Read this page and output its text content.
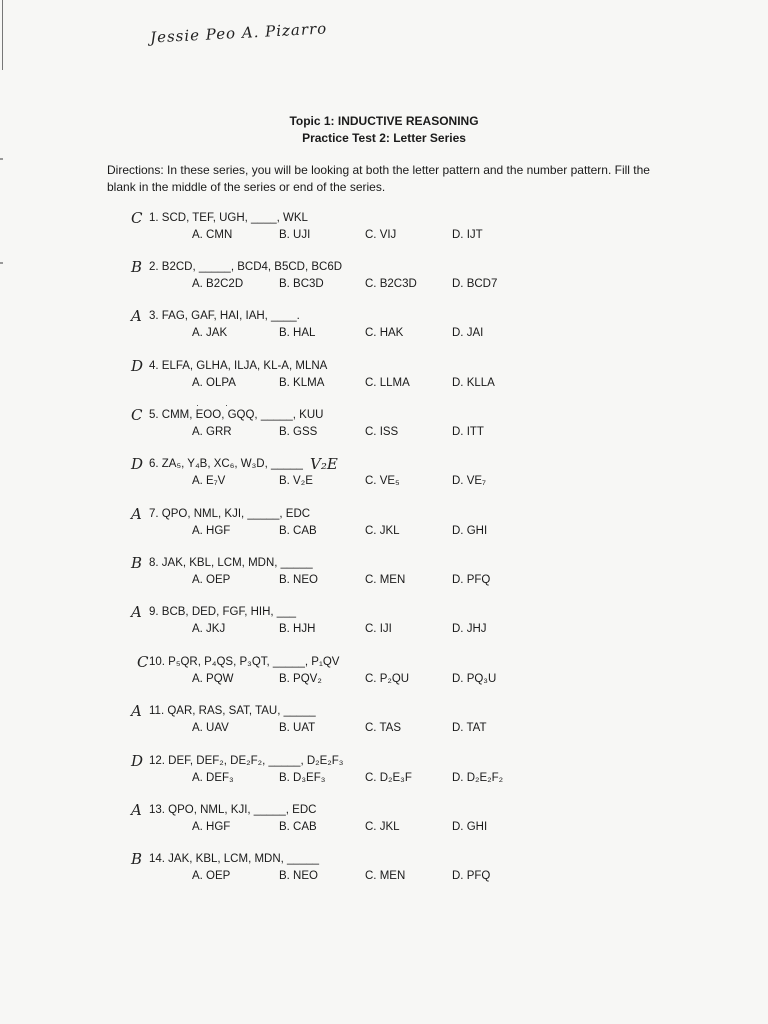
Jessie Peo A. Pizarro
Topic 1: INDUCTIVE REASONING
Practice Test 2: Letter Series
Directions: In these series, you will be looking at both the letter pattern and the number pattern. Fill the blank in the middle of the series or end of the series.
C 1. SCD, TEF, UGH, ____, WKL
A. CMN	B. UJI	C. VIJ	D. IJT
B 2. B2CD, _____, BCD4, B5CD, BC6D
A. B2C2D	B. BC3D	C. B2C3D	D. BCD7
A 3. FAG, GAF, HAI, IAH, ____.
A. JAK	B. HAL	C. HAK	D. JAI
D 4. ELFA, GLHA, ILJA, KL-A, MLNA
A. OLPA	B. KLMA	C. LLMA	D. KLLA
··
C 5. CMM, EOO, GQQ, _____, KUU
A. GRR	B. GSS	C. ISS	D. ITT
D 6. ZA₅, Y₄B, XC₆, W₃D, _____ V₂E
A. E₇V	B. V₂E	C. VE₅	D. VE₇
A 7. QPO, NML, KJI, _____, EDC
A. HGF	B. CAB	C. JKL	D. GHI
B 8. JAK, KBL, LCM, MDN, _____
A. OEP	B. NEO	C. MEN	D. PFQ
A 9. BCB, DED, FGF, HIH, ___
A. JKJ	B. HJH	C. IJI	D. JHJ
C 10. P₅QR, P₄QS, P₃QT, _____, P₁QV
A. PQW	B. PQV₂	C. P₂QU	D. PQ₃U
A 11. QAR, RAS, SAT, TAU, _____
A. UAV	B. UAT	C. TAS	D. TAT
D 12. DEF, DEF₂, DE₂F₂, _____, D₂E₂F₃
A. DEF₃	B. D₃EF₃	C. D₂E₃F	D. D₂E₂F₂
A 13. QPO, NML, KJI, _____, EDC
A. HGF	B. CAB	C. JKL	D. GHI
B 14. JAK, KBL, LCM, MDN, _____
A. OEP	B. NEO	C. MEN	D. PFQ
